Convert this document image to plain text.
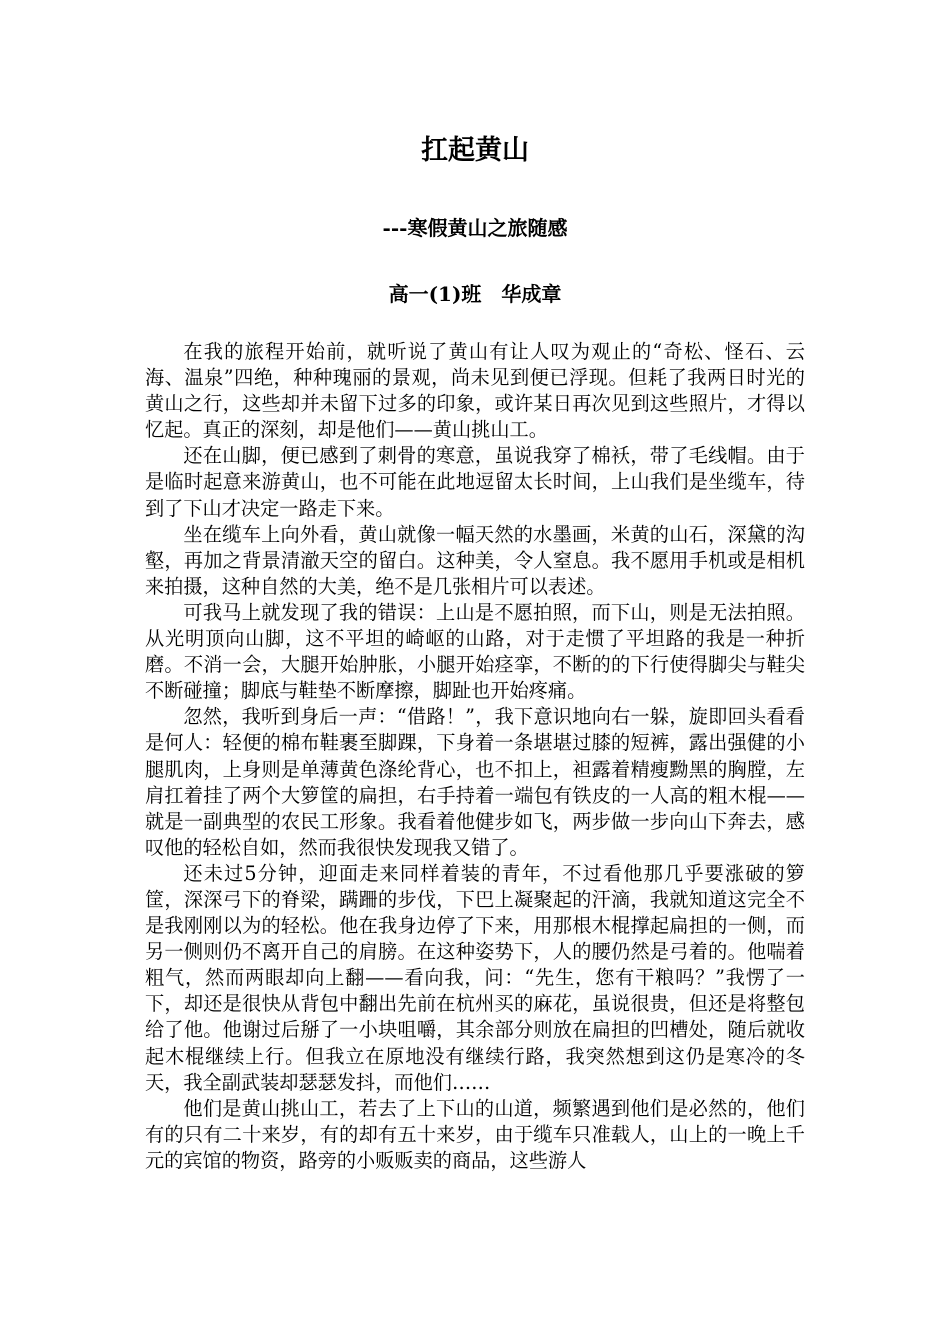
扛起黄山
---寒假黄山之旅随感
高一(1)班　华成章

在我的旅程开始前，就听说了黄山有让人叹为观止的“奇松、怪石、云海、温泉”四绝，种种瑰丽的景观，尚未见到便已浮现。但耗了我两日时光的黄山之行，这些却并未留下过多的印象，或许某日再次见到这些照片，才得以忆起。真正的深刻，却是他们——黄山挑山工。

还在山脚，便已感到了刺骨的寒意，虽说我穿了棉袄，带了毛线帽。由于是临时起意来游黄山，也不可能在此地逗留太长时间，上山我们是坐缆车，待到了下山才决定一路走下来。

坐在缆车上向外看，黄山就像一幅天然的水墨画，米黄的山石，深黛的沟壑，再加之背景清澈天空的留白。这种美，令人窒息。我不愿用手机或是相机来拍摄，这种自然的大美，绝不是几张相片可以表述。

可我马上就发现了我的错误：上山是不愿拍照，而下山，则是无法拍照。从光明顶向山脚，这不平坦的崎岖的山路，对于走惯了平坦路的我是一种折磨。不消一会，大腿开始肿胀，小腿开始痉挛，不断的的下行使得脚尖与鞋尖不断碰撞；脚底与鞋垫不断摩擦，脚趾也开始疼痛。

忽然，我听到身后一声：“借路！”，我下意识地向右一躲，旋即回头看看是何人：轻便的棉布鞋裹至脚踝，下身着一条堪堪过膝的短裤，露出强健的小腿肌肉，上身则是单薄黄色涤纶背心，也不扣上，袒露着精瘦黝黑的胸膛，左肩扛着挂了两个大箩筐的扁担，右手持着一端包有铁皮的一人高的粗木棍——就是一副典型的农民工形象。我看着他健步如飞，两步做一步向山下奔去，感叹他的轻松自如，然而我很快发现我又错了。

还未过5分钟，迎面走来同样着装的青年，不过看他那几乎要涨破的箩筐，深深弓下的脊梁，蹒跚的步伐，下巴上凝聚起的汗滴，我就知道这完全不是我刚刚以为的轻松。他在我身边停了下来，用那根木棍撑起扁担的一侧，而另一侧则仍不离开自己的肩膀。在这种姿势下，人的腰仍然是弓着的。他喘着粗气，然而两眼却向上翻——看向我，问：“先生，您有干粮吗？”我愣了一下，却还是很快从背包中翻出先前在杭州买的麻花，虽说很贵，但还是将整包给了他。他谢过后掰了一小块咀嚼，其余部分则放在扁担的凹槽处，随后就收起木棍继续上行。但我立在原地没有继续行路，我突然想到这仍是寒冷的冬天，我全副武装却瑟瑟发抖，而他们……

他们是黄山挑山工，若去了上下山的山道，频繁遇到他们是必然的，他们有的只有二十来岁，有的却有五十来岁，由于缆车只准载人，山上的一晚上千元的宾馆的物资，路旁的小贩贩卖的商品，这些游人
